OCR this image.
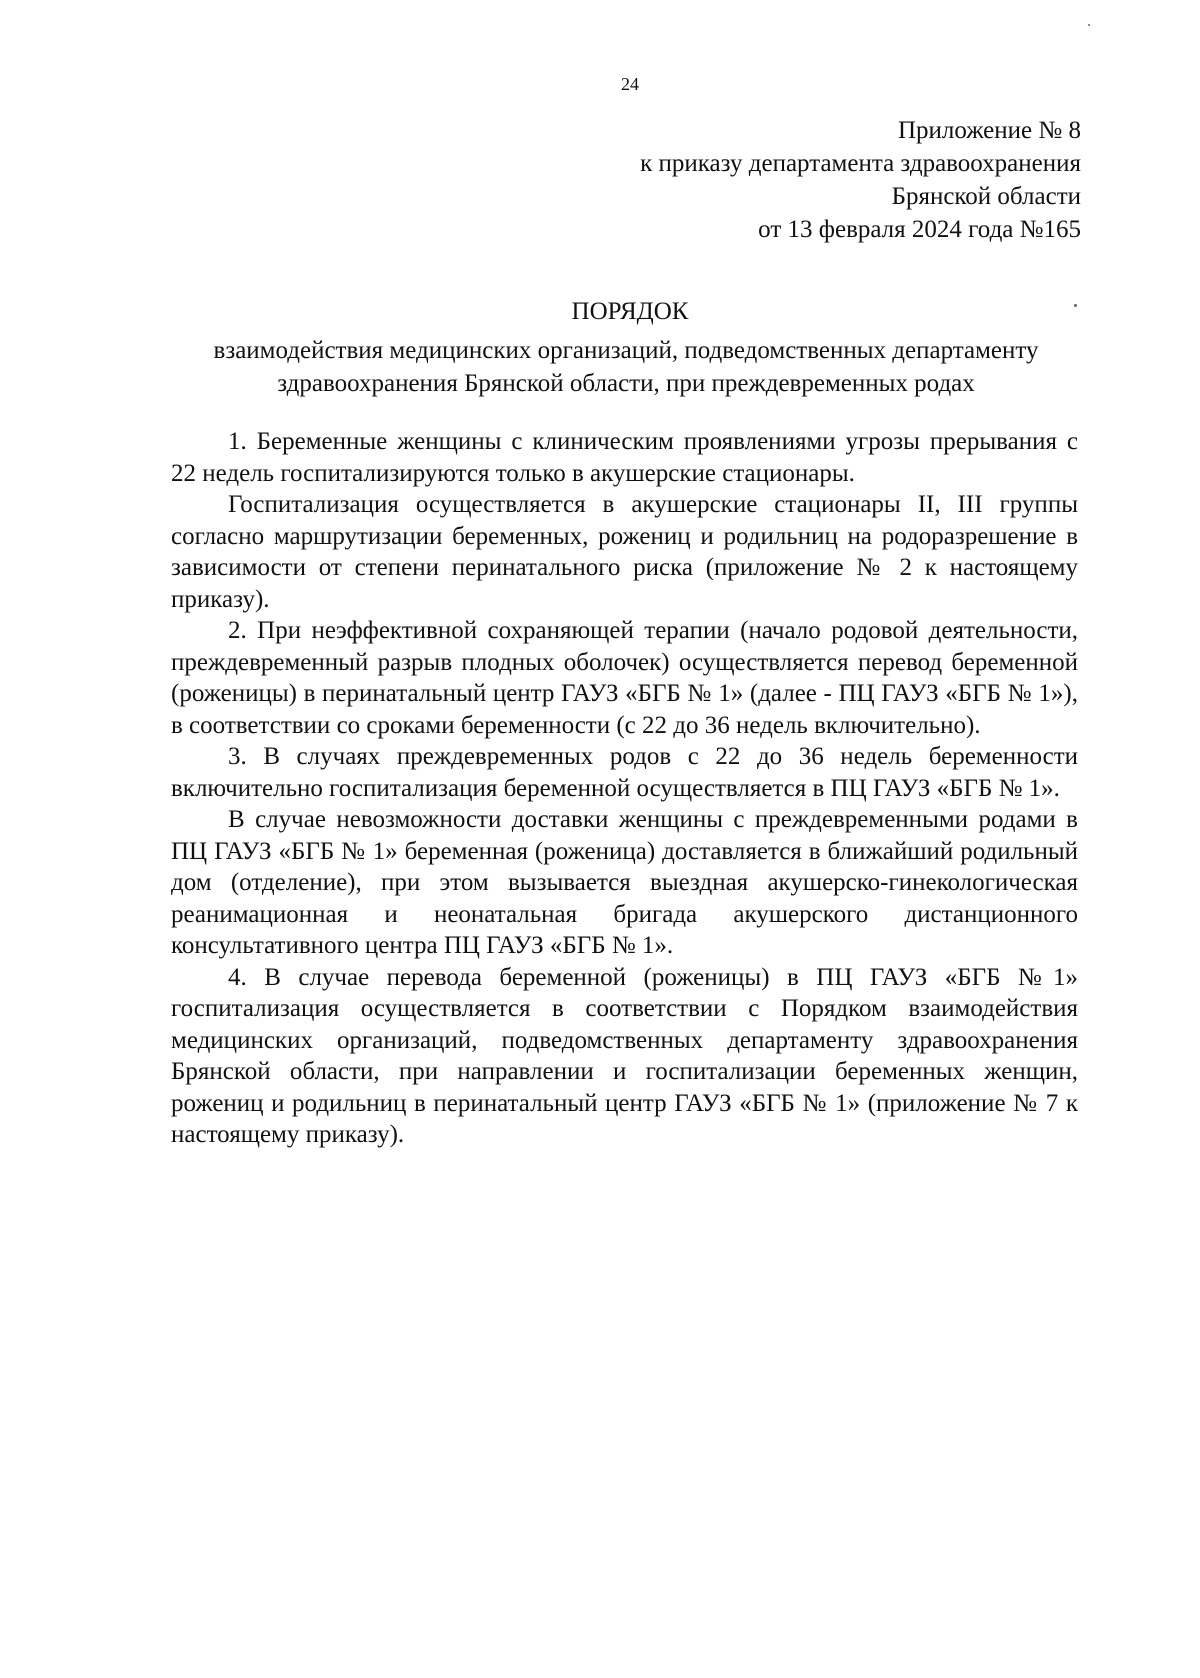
24
Приложение № 8
к приказу департамента здравоохранения
Брянской области
от 13 февраля 2024 года №165
ПОРЯДОК
взаимодействия медицинских организаций, подведомственных департаменту здравоохранения Брянской области, при преждевременных родах

1. Беременные женщины с клиническим проявлениями угрозы прерывания с 22 недель госпитализируются только в акушерские стационары.

Госпитализация осуществляется в акушерские стационары II, III группы согласно маршрутизации беременных, рожениц и родильниц на родоразрешение в зависимости от степени перинатального риска (приложение № 2 к настоящему приказу).

2. При неэффективной сохраняющей терапии (начало родовой деятельности, преждевременный разрыв плодных оболочек) осуществляется перевод беременной (роженицы) в перинатальный центр ГАУЗ «БГБ № 1» (далее - ПЦ ГАУЗ «БГБ № 1»), в соответствии со сроками беременности (с 22 до 36 недель включительно).

3. В случаях преждевременных родов с 22 до 36 недель беременности включительно госпитализация беременной осуществляется в ПЦ ГАУЗ «БГБ № 1».

В случае невозможности доставки женщины с преждевременными родами в ПЦ ГАУЗ «БГБ № 1» беременная (роженица) доставляется в ближайший родильный дом (отделение), при этом вызывается выездная акушерско-гинекологическая реанимационная и неонатальная бригада акушерского дистанционного консультативного центра ПЦ ГАУЗ «БГБ № 1».

4. В случае перевода беременной (роженицы) в ПЦ ГАУЗ «БГБ №1» госпитализация осуществляется в соответствии с Порядком взаимодействия медицинских организаций, подведомственных департаменту здравоохранения Брянской области, при направлении и госпитализации беременных женщин, рожениц и родильниц в перинатальный центр ГАУЗ «БГБ № 1» (приложение № 7 к настоящему приказу).
